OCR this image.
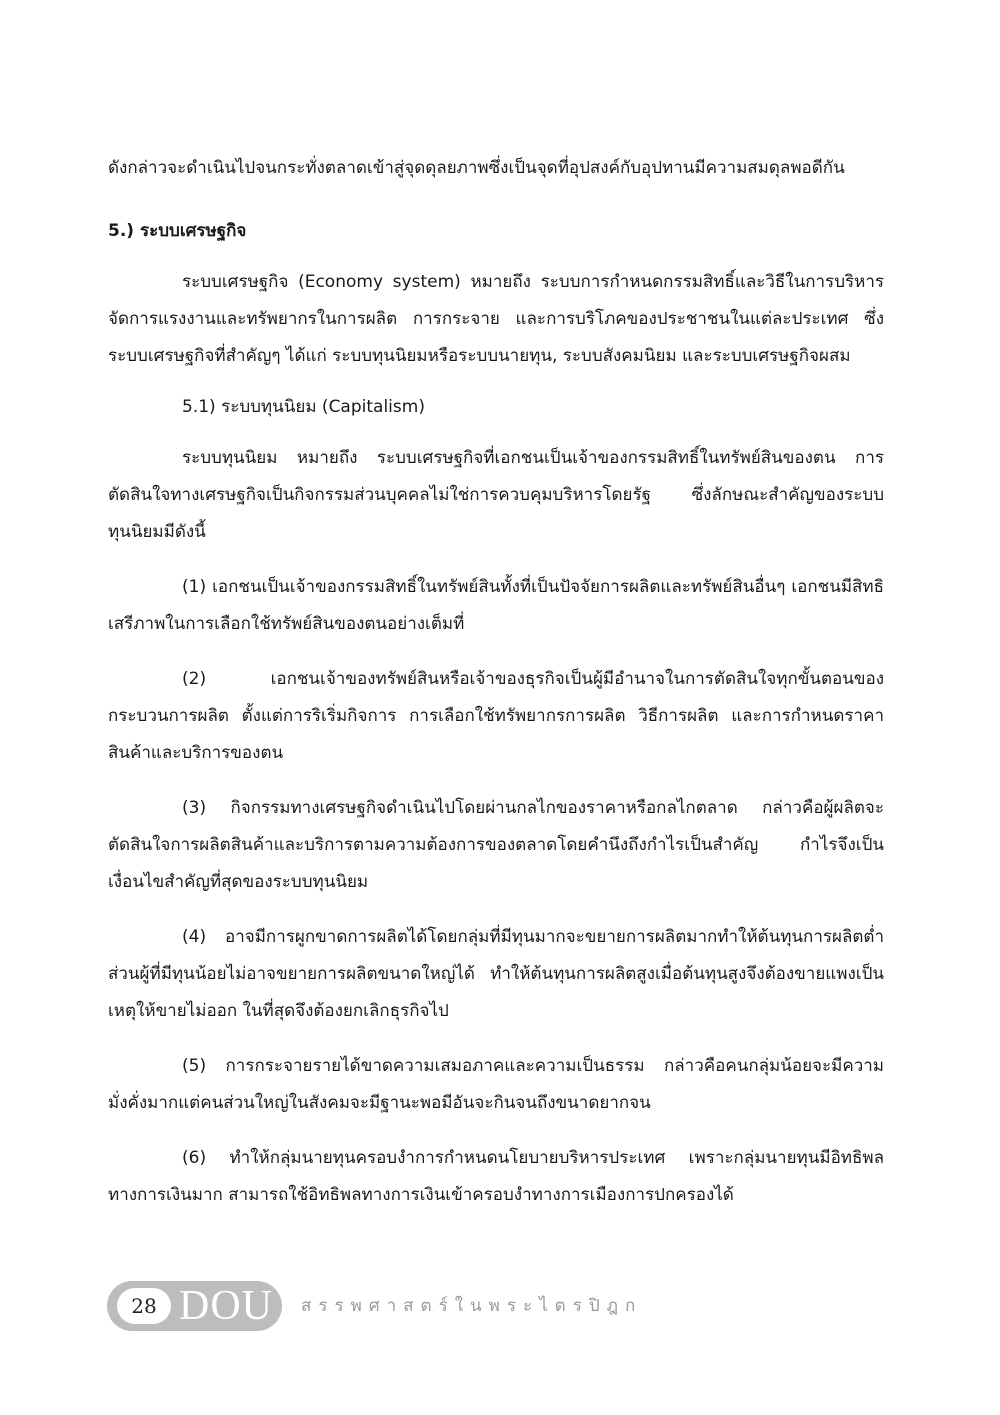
ดังกล่าวจะดำเนินไปจนกระทั่งตลาดเข้าสู่จุดดุลยภาพซึ่งเป็นจุดที่อุปสงค์กับอุปทานมีความสมดุลพอดีกัน

5.) ระบบเศรษฐกิจ

ระบบเศรษฐกิจ (Economy system) หมายถึง ระบบการกำหนดกรรมสิทธิ์และวิธีในการบริหารจัดการแรงงานและทรัพยากรในการผลิต การกระจาย และการบริโภคของประชาชนในแต่ละประเทศ ซึ่งระบบเศรษฐกิจที่สำคัญๆ ได้แก่ ระบบทุนนิยมหรือระบบนายทุน, ระบบสังคมนิยม และระบบเศรษฐกิจผสม

5.1) ระบบทุนนิยม (Capitalism)

ระบบทุนนิยม หมายถึง ระบบเศรษฐกิจที่เอกชนเป็นเจ้าของกรรมสิทธิ์ในทรัพย์สินของตน การตัดสินใจทางเศรษฐกิจเป็นกิจกรรมส่วนบุคคลไม่ใช่การควบคุมบริหารโดยรัฐ ซึ่งลักษณะสำคัญของระบบทุนนิยมมีดังนี้

(1) เอกชนเป็นเจ้าของกรรมสิทธิ์ในทรัพย์สินทั้งที่เป็นปัจจัยการผลิตและทรัพย์สินอื่นๆ เอกชนมีสิทธิเสรีภาพในการเลือกใช้ทรัพย์สินของตนอย่างเต็มที่

(2) เอกชนเจ้าของทรัพย์สินหรือเจ้าของธุรกิจเป็นผู้มีอำนาจในการตัดสินใจทุกขั้นตอนของกระบวนการผลิต ตั้งแต่การริเริ่มกิจการ การเลือกใช้ทรัพยากรการผลิต วิธีการผลิต และการกำหนดราคาสินค้าและบริการของตน

(3) กิจกรรมทางเศรษฐกิจดำเนินไปโดยผ่านกลไกของราคาหรือกลไกตลาด กล่าวคือผู้ผลิตจะตัดสินใจการผลิตสินค้าและบริการตามความต้องการของตลาดโดยคำนึงถึงกำไรเป็นสำคัญ กำไรจึงเป็นเงื่อนไขสำคัญที่สุดของระบบทุนนิยม

(4) อาจมีการผูกขาดการผลิตได้โดยกลุ่มที่มีทุนมากจะขยายการผลิตมากทำให้ต้นทุนการผลิตต่ำ ส่วนผู้ที่มีทุนน้อยไม่อาจขยายการผลิตขนาดใหญ่ได้ ทำให้ต้นทุนการผลิตสูงเมื่อต้นทุนสูงจึงต้องขายแพงเป็นเหตุให้ขายไม่ออก ในที่สุดจึงต้องยกเลิกธุรกิจไป

(5) การกระจายรายได้ขาดความเสมอภาคและความเป็นธรรม กล่าวคือคนกลุ่มน้อยจะมีความมั่งคั่งมากแต่คนส่วนใหญ่ในสังคมจะมีฐานะพอมีอันจะกินจนถึงขนาดยากจน

(6) ทำให้กลุ่มนายทุนครอบงำการกำหนดนโยบายบริหารประเทศ เพราะกลุ่มนายทุนมีอิทธิพลทางการเงินมาก สามารถใช้อิทธิพลทางการเงินเข้าครอบงำทางการเมืองการปกครองได้

28 DOU สรรพศาสตร์ในพระไตรปิฎก
